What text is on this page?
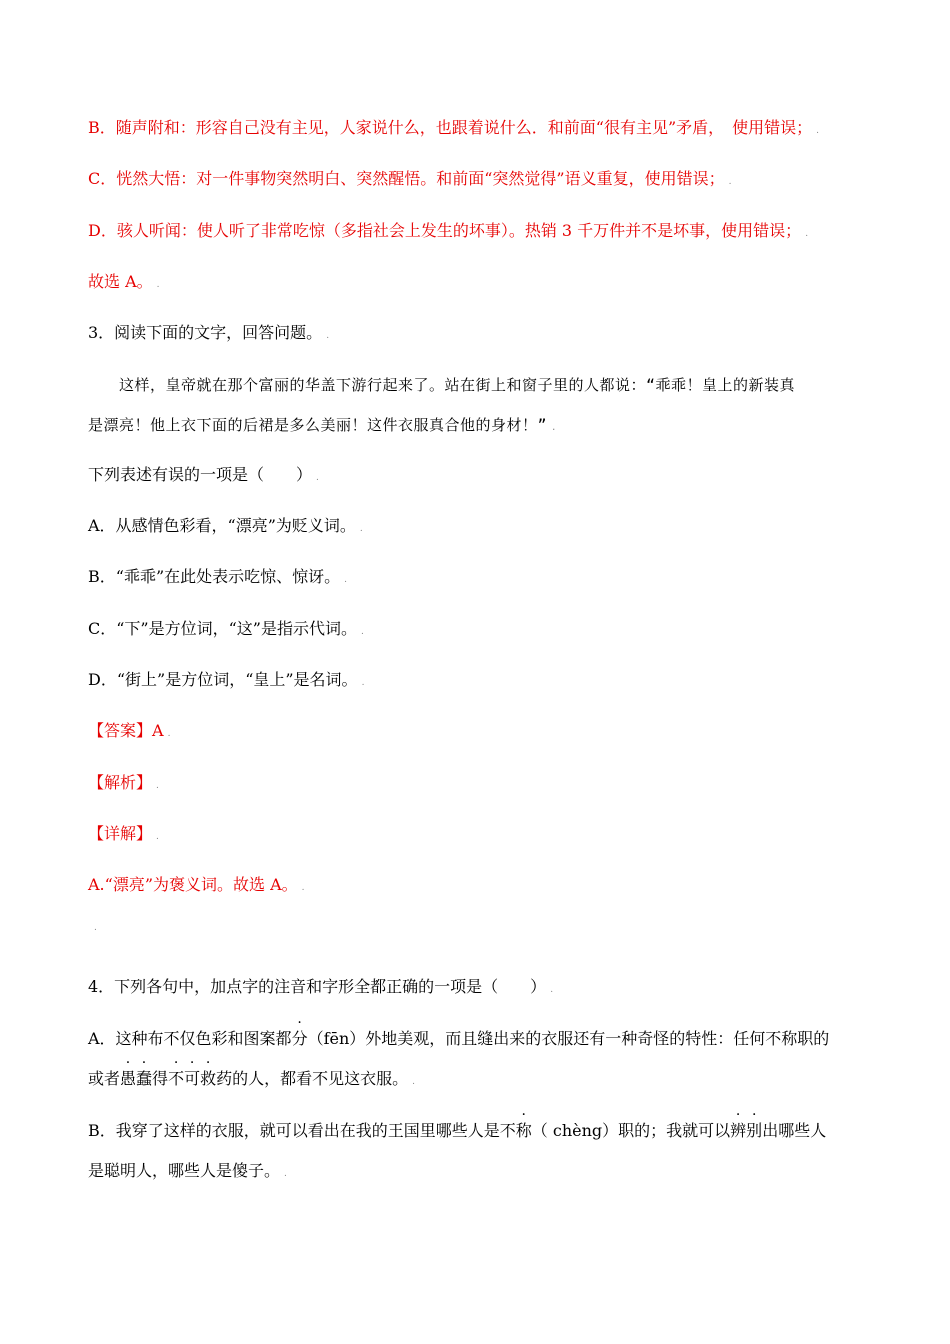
B．随声附和：形容自己没有主见，人家说什么，也跟着说什么．和前面“很有主见”矛盾，　使用错误； .
C．恍然大悟：对一件事物突然明白、突然醒悟。和前面“突然觉得”语义重复，使用错误； .
D．骇人听闻：使人听了非常吃惊（多指社会上发生的坏事）。热销 3 千万件并不是坏事，使用错误； .
故选 A。 .
3．阅读下面的文字，回答问题。 .
这样，皇帝就在那个富丽的华盖下游行起来了。站在街上和窗子里的人都说：“乖乖！皇上的新装真
是漂亮！他上衣下面的后裙是多么美丽！这件衣服真合他的身材！” .
下列表述有误的一项是（　　） .
A．从感情色彩看，“漂亮”为贬义词。 .
B．“乖乖”在此处表示吃惊、惊讶。 .
C．“下”是方位词，“这”是指示代词。 .
D．“街上”是方位词，“皇上”是名词。 .
【答案】A .
【解析】 .
【详解】 .
A.“漂亮”为褒义词。故选 A。 .
.
4．下列各句中，加点字的注音和字形全都正确的一项是（　　） .
A．这种布不仅色彩和图案都分（fēn）外地美观，而且缝出来的衣服还有一种奇怪的特性：任何不称职的
或者愚蠢得不可救药的人，都看不见这衣服。 .
B．我穿了这样的衣服，就可以看出在我的王国里哪些人是不称（ chèng）职的；我就可以辨别出哪些人
是聪明人，哪些人是傻子。 .
